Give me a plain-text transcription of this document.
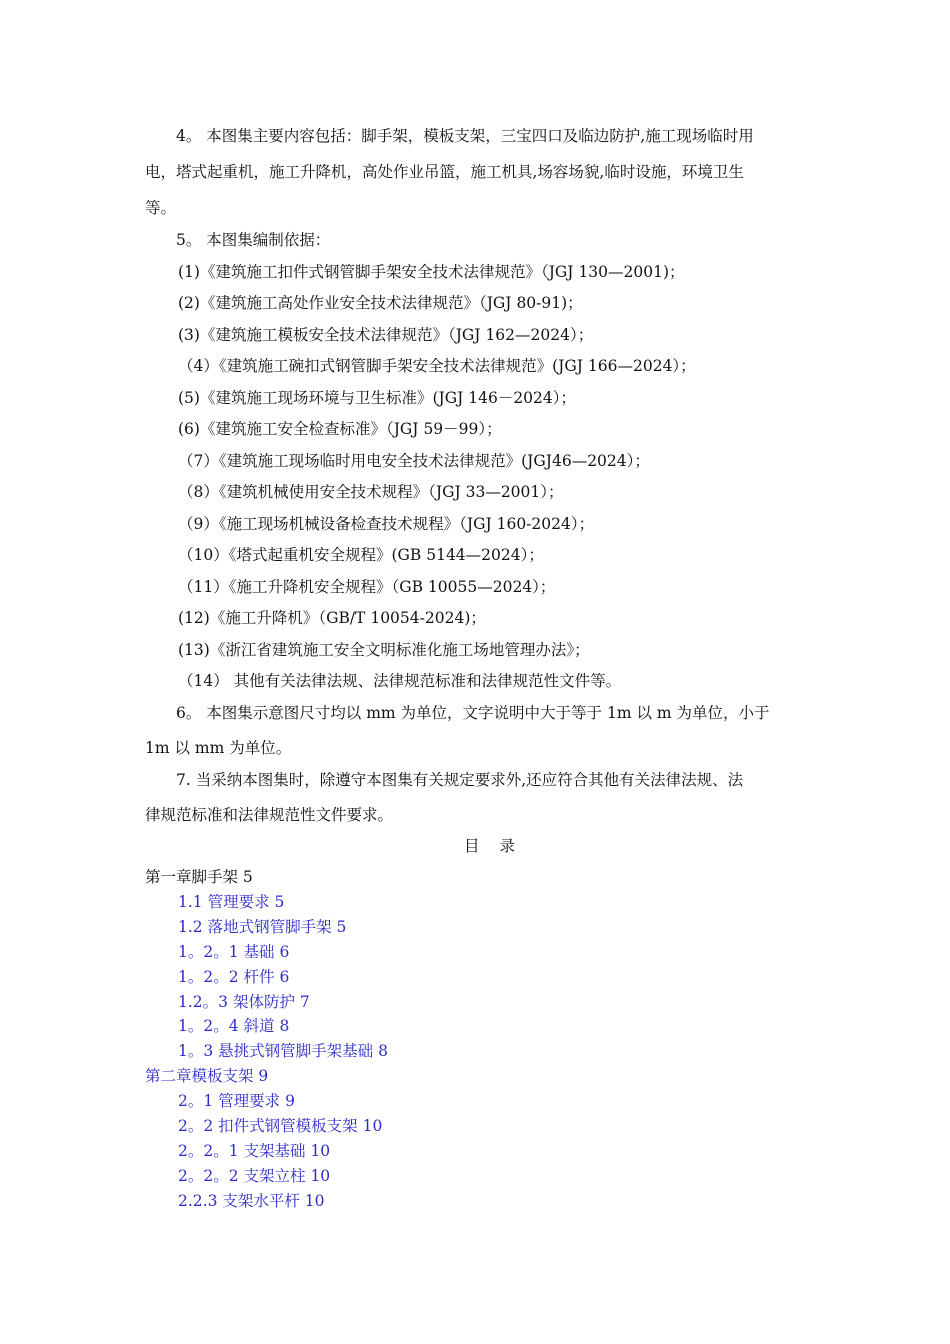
4。 本图集主要内容包括：脚手架，模板支架，三宝四口及临边防护,施工现场临时用
电，塔式起重机，施工升降机，高处作业吊篮，施工机具,场容场貌,临时设施，环境卫生
等。
5。 本图集编制依据：
(1)《建筑施工扣件式钢管脚手架安全技术法律规范》（JGJ 130—2001)；
(2)《建筑施工高处作业安全技术法律规范》（JGJ 80-91)；
(3)《建筑施工模板安全技术法律规范》（JGJ 162—2024）；
（4）《建筑施工碗扣式钢管脚手架安全技术法律规范》(JGJ 166—2024）；
(5)《建筑施工现场环境与卫生标准》(JGJ 146－2024）；
(6)《建筑施工安全检查标准》（JGJ 59－99）；
（7）《建筑施工现场临时用电安全技术法律规范》(JGJ46—2024）；
（8）《建筑机械使用安全技术规程》（JGJ 33—2001）；
（9）《施工现场机械设备检查技术规程》（JGJ 160-2024）；
（10）《塔式起重机安全规程》(GB 5144—2024）；
（11）《施工升降机安全规程》（GB 10055—2024）；
(12)《施工升降机》（GB/T 10054-2024)；
(13)《浙江省建筑施工安全文明标准化施工场地管理办法》；
（14） 其他有关法律法规、法律规范标准和法律规范性文件等。
6。 本图集示意图尺寸均以 mm 为单位，文字说明中大于等于 1m 以 m 为单位，小于
1m 以 mm 为单位。
7. 当采纳本图集时，除遵守本图集有关规定要求外,还应符合其他有关法律法规、法
律规范标准和法律规范性文件要求。
目录
第一章脚手架 5
1.1 管理要求 5
1.2 落地式钢管脚手架 5
1。2。1 基础 6
1。2。2 杆件 6
1.2。3 架体防护 7
1。2。4 斜道 8
1。3 悬挑式钢管脚手架基础 8
第二章模板支架 9
2。1 管理要求 9
2。2 扣件式钢管模板支架 10
2。2。1 支架基础 10
2。2。2 支架立柱 10
2.2.3 支架水平杆 10
